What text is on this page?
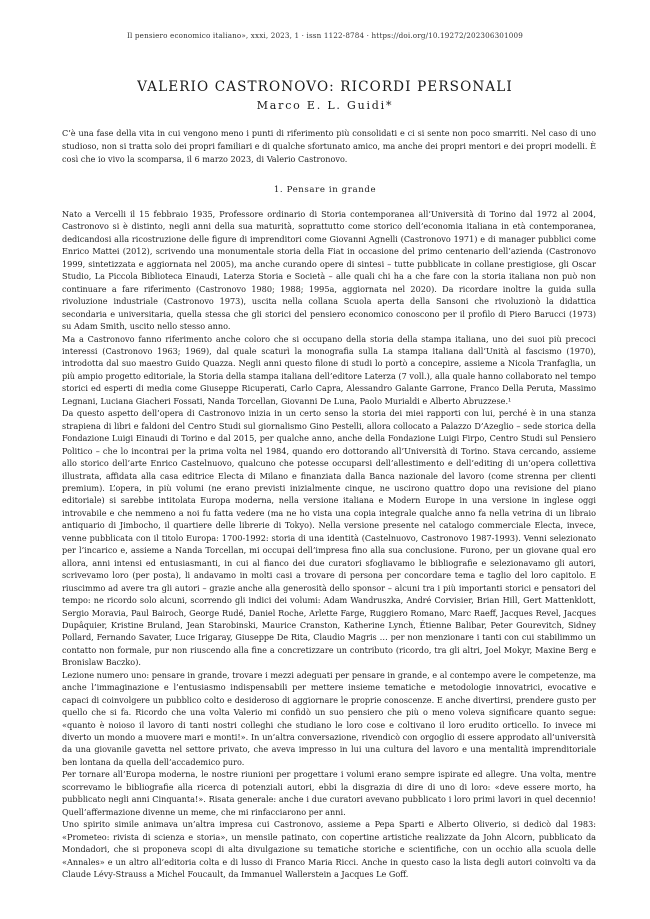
Il pensiero economico italiano», xxxi, 2023, 1 · issn 1122-8784 · https://doi.org/10.19272/202306301009
VALERIO CASTRONOVO: RICORDI PERSONALI
Marco E. L. Guidi*
C’è una fase della vita in cui vengono meno i punti di riferimento più consolidati e ci si sente non poco smarriti. Nel caso di uno studioso, non si tratta solo dei propri familiari e di qualche sfortunato amico, ma anche dei propri mentori e dei propri modelli. È così che io vivo la scomparsa, il 6 marzo 2023, di Valerio Castronovo.
1. Pensare in grande

Nato a Vercelli il 15 febbraio 1935, Professore ordinario di Storia contemporanea all’Università di Torino dal 1972 al 2004, Castronovo si è distinto, negli anni della sua maturità, soprattutto come storico dell’economia italiana in età contemporanea, dedicandosi alla ricostruzione delle figure di imprenditori come Giovanni Agnelli (Castronovo 1971) e di manager pubblici come Enrico Mattei (2012), scrivendo una monumentale storia della Fiat in occasione del primo centenario dell’azienda (Castronovo 1999, sintetizzata e aggiornata nel 2005), ma anche curando opere di sintesi – tutte pubblicate in collane prestigiose, gli Oscar Studio, La Piccola Biblioteca Einaudi, Laterza Storia e Società – alle quali chi ha a che fare con la storia italiana non può non continuare a fare riferimento (Castronovo 1980; 1988; 1995a, aggiornata nel 2020). Da ricordare inoltre la guida sulla rivoluzione industriale (Castronovo 1973), uscita nella collana Scuola aperta della Sansoni che rivoluzionò la didattica secondaria e universitaria, quella stessa che gli storici del pensiero economico conoscono per il profilo di Piero Barucci (1973) su Adam Smith, uscito nello stesso anno.

Ma a Castronovo fanno riferimento anche coloro che si occupano della storia della stampa italiana, uno dei suoi più precoci interessi (Castronovo 1963; 1969), dal quale scaturì la monografia sulla La stampa italiana dall’Unità al fascismo (1970), introdotta dal suo maestro Guido Quazza. Negli anni questo filone di studi lo portò a concepire, assieme a Nicola Tranfaglia, un più ampio progetto editoriale, la Storia della stampa italiana dell’editore Laterza (7 voll.), alla quale hanno collaborato nel tempo storici ed esperti di media come Giuseppe Ricuperati, Carlo Capra, Alessandro Galante Garrone, Franco Della Peruta, Massimo Legnani, Luciana Giacheri Fossati, Nanda Torcellan, Giovanni De Luna, Paolo Murialdi e Alberto Abruzzese.¹

Da questo aspetto dell’opera di Castronovo inizia in un certo senso la storia dei miei rapporti con lui, perché è in una stanza strapiena di libri e faldoni del Centro Studi sul giornalismo Gino Pestelli, allora collocato a Palazzo D’Azeglio – sede storica della Fondazione Luigi Einaudi di Torino e dal 2015, per qualche anno, anche della Fondazione Luigi Firpo, Centro Studi sul Pensiero Politico – che lo incontrai per la prima volta nel 1984, quando ero dottorando all’Università di Torino. Stava cercando, assieme allo storico dell’arte Enrico Castelnuovo, qualcuno che potesse occuparsi dell’allestimento e dell’editing di un’opera collettiva illustrata, affidata alla casa editrice Electa di Milano e finanziata dalla Banca nazionale del lavoro (come strenna per clienti premium). L’opera, in più volumi (ne erano previsti inizialmente cinque, ne uscirono quattro dopo una revisione del piano editoriale) si sarebbe intitolata Europa moderna, nella versione italiana e Modern Europe in una versione in inglese oggi introvabile e che nemmeno a noi fu fatta vedere (ma ne ho vista una copia integrale qualche anno fa nella vetrina di un libraio antiquario di Jimbocho, il quartiere delle librerie di Tokyo). Nella versione presente nel catalogo commerciale Electa, invece, venne pubblicata con il titolo Europa: 1700-1992: storia di una identità (Castelnuovo, Castronovo 1987-1993). Venni selezionato per l’incarico e, assieme a Nanda Torcellan, mi occupai dell’impresa fino alla sua conclusione. Furono, per un giovane qual ero allora, anni intensi ed entusiasmanti, in cui al fianco dei due curatori sfogliavamo le bibliografie e selezionavamo gli autori, scrivevamo loro (per posta), li andavamo in molti casi a trovare di persona per concordare tema e taglio del loro capitolo. E riuscimmo ad avere tra gli autori – grazie anche alla generosità dello sponsor – alcuni tra i più importanti storici e pensatori del tempo: ne ricordo solo alcuni, scorrendo gli indici dei volumi: Adam Wandruszka, André Corvisier, Brian Hill, Gert Mattenklott, Sergio Moravia, Paul Bairoch, George Rudé, Daniel Roche, Arlette Farge, Ruggiero Romano, Marc Raeff, Jacques Revel, Jacques Dupâquier, Kristine Bruland, Jean Starobinski, Maurice Cranston, Katherine Lynch, Étienne Balibar, Peter Gourevitch, Sidney Pollard, Fernando Savater, Luce Irigaray, Giuseppe De Rita, Claudio Magris … per non menzionare i tanti con cui stabilimmo un contatto non formale, pur non riuscendo alla fine a concretizzare un contributo (ricordo, tra gli altri, Joel Mokyr, Maxine Berg e Bronislaw Baczko).

Lezione numero uno: pensare in grande, trovare i mezzi adeguati per pensare in grande, e al contempo avere le competenze, ma anche l’immaginazione e l’entusiasmo indispensabili per mettere insieme tematiche e metodologie innovatrici, evocative e capaci di coinvolgere un pubblico colto e desideroso di aggiornare le proprie conoscenze. E anche divertirsi, prendere gusto per quello che si fa. Ricordo che una volta Valerio mi confidò un suo pensiero che più o meno voleva significare quanto segue: «quanto è noioso il lavoro di tanti nostri colleghi che studiano le loro cose e coltivano il loro erudito orticello. Io invece mi diverto un mondo a muovere mari e monti!». In un’altra conversazione, rivendicò con orgoglio di essere approdato all’università da una giovanile gavetta nel settore privato, che aveva impresso in lui una cultura del lavoro e una mentalità imprenditoriale ben lontana da quella dell’accademico puro.

Per tornare all’Europa moderna, le nostre riunioni per progettare i volumi erano sempre ispirate ed allegre. Una volta, mentre scorrevamo le bibliografie alla ricerca di potenziali autori, ebbi la disgrazia di dire di uno di loro: «deve essere morto, ha pubblicato negli anni Cinquanta!». Risata generale: anche i due curatori avevano pubblicato i loro primi lavori in quel decennio! Quell’affermazione divenne un meme, che mi rinfacciarono per anni.

Uno spirito simile animava un’altra impresa cui Castronovo, assieme a Pepa Sparti e Alberto Oliverio, si dedicò dal 1983: «Prometeo: rivista di scienza e storia», un mensile patinato, con copertine artistiche realizzate da John Alcorn, pubblicato da Mondadori, che si proponeva scopi di alta divulgazione su tematiche storiche e scientifiche, con un occhio alla scuola delle «Annales» e un altro all’editoria colta e di lusso di Franco Maria Ricci. Anche in questo caso la lista degli autori coinvolti va da Claude Lévy-Strauss a Michel Foucault, da Immanuel Wallerstein a Jacques Le Goff.
